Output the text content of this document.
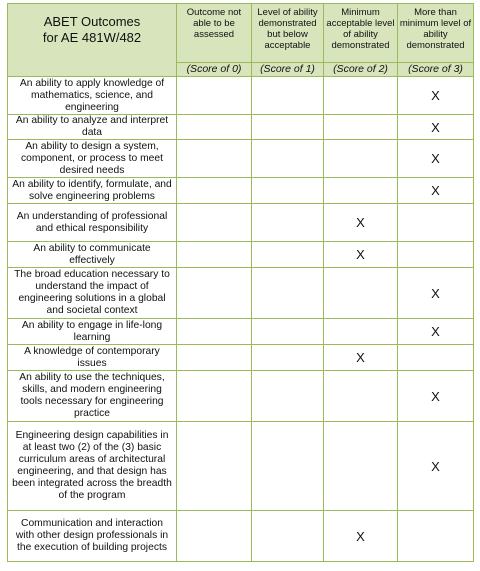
ABET Outcomes
for AE 481W/482	Outcome not able to be assessed	Level of ability demonstrated but below acceptable	Minimum acceptable level of ability demonstrated	More than minimum level of ability demonstrated
	(Score of 0)	(Score of 1)	(Score of 2)	(Score of 3)
An ability to apply knowledge of mathematics, science, and engineering				X
An ability to analyze and interpret data				X
An ability to design a system, component, or process to meet desired needs				X
An ability to identify, formulate, and solve engineering problems				X
An understanding of professional and ethical responsibility			X	
An ability to communicate effectively			X	
The broad education necessary to understand the impact of engineering solutions in a global and societal context				X
An ability to engage in life-long learning				X
A knowledge of contemporary issues			X	
An ability to use the techniques, skills, and modern engineering tools necessary for engineering practice				X
Engineering design capabilities in at least two (2) of the (3) basic curriculum areas of architectural engineering, and that design has been integrated across the breadth of the program				X
Communication and interaction with other design professionals in the execution of building projects			X	
